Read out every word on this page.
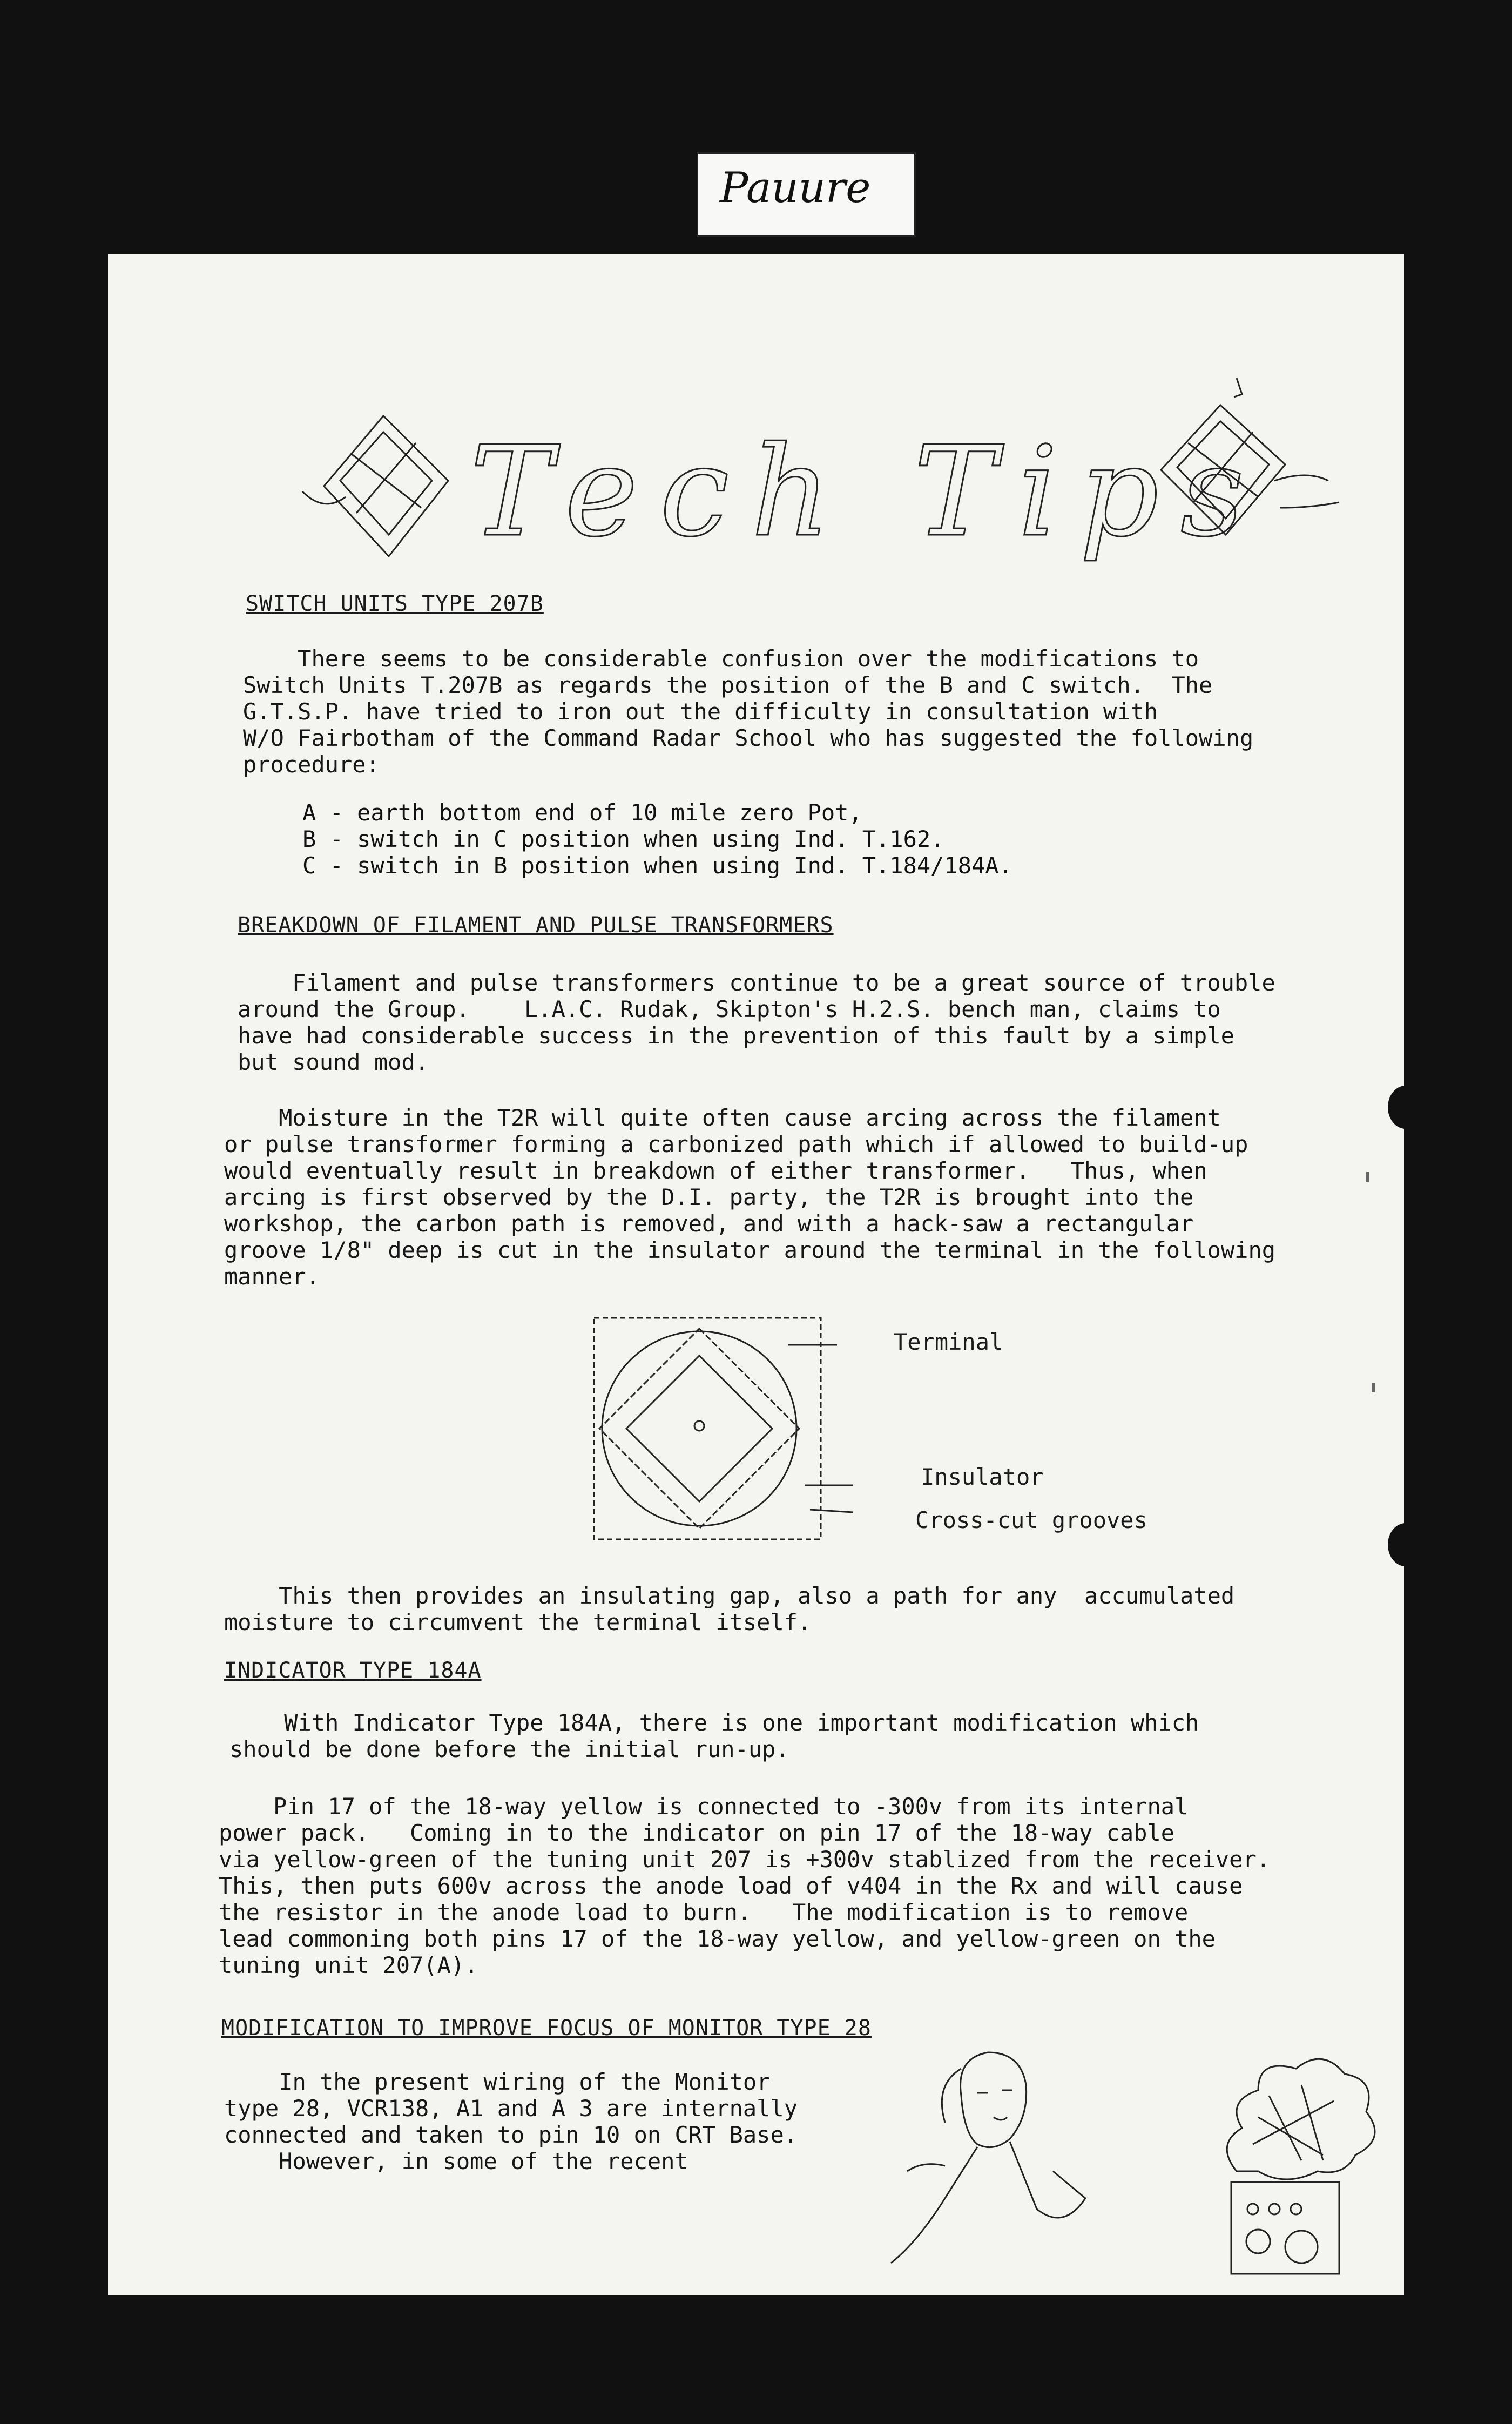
Pauure
Tech Tips
SWITCH UNITS TYPE 207B

There seems to be considerable confusion over the modifications to
Switch Units T.207B as regards the position of the B and C switch.  The
G.T.S.P. have tried to iron out the difficulty in consultation with
W/O Fairbotham of the Command Radar School who has suggested the following
procedure:

A - earth bottom end of 10 mile zero Pot,
B - switch in C position when using Ind. T.162.
C - switch in B position when using Ind. T.184/184A.
BREAKDOWN OF FILAMENT AND PULSE TRANSFORMERS

Filament and pulse transformers continue to be a great source of trouble
around the Group.    L.A.C. Rudak, Skipton's H.2.S. bench man, claims to
have had considerable success in the prevention of this fault by a simple
but sound mod.

Moisture in the T2R will quite often cause arcing across the filament
or pulse transformer forming a carbonized path which if allowed to build-up
would eventually result in breakdown of either transformer.   Thus, when
arcing is first observed by the D.I. party, the T2R is brought into the
workshop, the carbon path is removed, and with a hack-saw a rectangular
groove 1/8" deep is cut in the insulator around the terminal in the following
manner.

Terminal
Insulator
Cross-cut grooves

This then provides an insulating gap, also a path for any  accumulated
moisture to circumvent the terminal itself.

INDICATOR TYPE 184A

With Indicator Type 184A, there is one important modification which
should be done before the initial run-up.

Pin 17 of the 18-way yellow is connected to -300v from its internal
power pack.   Coming in to the indicator on pin 17 of the 18-way cable
via yellow-green of the tuning unit 207 is +300v stablized from the receiver.
This, then puts 600v across the anode load of v404 in the Rx and will cause
the resistor in the anode load to burn.   The modification is to remove
lead commoning both pins 17 of the 18-way yellow, and yellow-green on the
tuning unit 207(A).

MODIFICATION TO IMPROVE FOCUS OF MONITOR TYPE 28

In the present wiring of the Monitor
type 28, VCR138, A1 and A 3 are internally
connected and taken to pin 10 on CRT Base.
However, in some of the recent
